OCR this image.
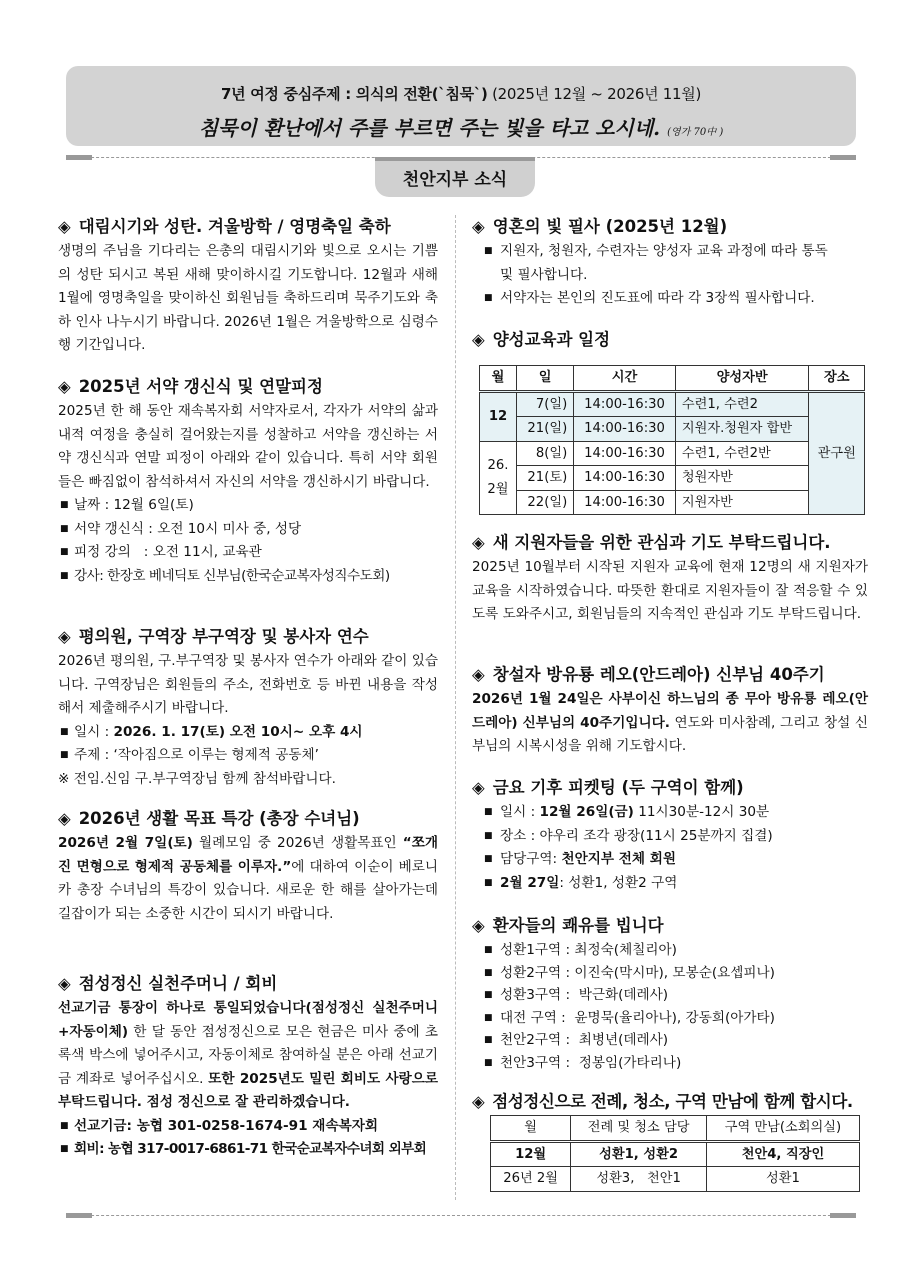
7년 여정 중심주제 : 의식의 전환(`침묵`) (2025년 12월 ~ 2026년 11월)
침묵이 환난에서 주를 부르면 주는 빛을 타고 오시네. (영가 70中 )
천안지부 소식
◈ 대림시기와 성탄. 겨울방학 / 영명축일 축하
생명의 주님을 기다리는 은총의 대림시기와 빛으로 오시는 기쁨의 성탄 되시고 복된 새해 맞이하시길 기도합니다. 12월과 새해 1월에 영명축일을 맞이하신 회원님들 축하드리며 묵주기도와 축하 인사 나누시기 바랍니다. 2026년 1월은 겨울방학으로 심령수행 기간입니다.
◈ 2025년 서약 갱신식 및 연말피정
2025년 한 해 동안 재속복자회 서약자로서, 각자가 서약의 삶과 내적 여정을 충실히 걸어왔는지를 성찰하고 서약을 갱신하는 서약 갱신식과 연말 피정이 아래와 같이 있습니다. 특히 서약 회원들은 빠짐없이 참석하셔서 자신의 서약을 갱신하시기 바랍니다.
■ 날짜 : 12월 6일(토)
■ 서약 갱신식 : 오전 10시 미사 중, 성당
■ 피정 강의   : 오전 11시, 교육관
■ 강사: 한장호 베네딕토 신부님(한국순교복자성직수도회)
◈ 평의원, 구역장 부구역장 및 봉사자 연수
2026년 평의원, 구.부구역장 및 봉사자 연수가 아래와 같이 있습니다. 구역장님은 회원들의 주소, 전화번호 등 바뀐 내용을 작성해서 제출해주시기 바랍니다.
■ 일시 : 2026. 1. 17(토) 오전 10시~ 오후 4시
■ 주제 : ‘작아짐으로 이루는 형제적 공동체’
※ 전임.신임 구.부구역장님 함께 참석바랍니다.
◈ 2026년 생활 목표 특강 (총장 수녀님)
2026년 2월 7일(토) 월례모임 중 2026년 생활목표인 “쪼개진 면형으로 형제적 공동체를 이루자.”에 대하여 이순이 베로니카 총장 수녀님의 특강이 있습니다. 새로운 한 해를 살아가는데 길잡이가 되는 소중한 시간이 되시기 바랍니다.
◈ 점성정신 실천주머니 / 회비
선교기금 통장이 하나로 통일되었습니다(점성정신 실천주머니+자동이체) 한 달 동안 점성정신으로 모은 현금은 미사 중에 초록색 박스에 넣어주시고, 자동이체로 참여하실 분은 아래 선교기금 계좌로 넣어주십시오. 또한 2025년도 밀린 회비도 사랑으로 부탁드립니다. 점성 정신으로 잘 관리하겠습니다.
■ 선교기금: 농협 301-0258-1674-91 재속복자회
■ 회비: 농협 317-0017-6861-71 한국순교복자수녀회 외부회
◈ 영혼의 빛 필사 (2025년 12월)
■ 지원자, 청원자, 수련자는 양성자 교육 과정에 따라 통독 및 필사합니다.
■ 서약자는 본인의 진도표에 따라 각 3장씩 필사합니다.
◈ 양성교육과 일정
월	일	시간	양성자반	장소
12	7(일)	14:00-16:30	수련1, 수련2	관구원
	21(일)	14:00-16:30	지원자.청원자 합반	
26. 2월	8(일)	14:00-16:30	수련1, 수련2반	
	21(토)	14:00-16:30	청원자반	
	22(일)	14:00-16:30	지원자반	
◈ 새 지원자들을 위한 관심과 기도 부탁드립니다.
2025년 10월부터 시작된 지원자 교육에 현재 12명의 새 지원자가 교육을 시작하였습니다. 따뜻한 환대로 지원자들이 잘 적응할 수 있도록 도와주시고, 회원님들의 지속적인 관심과 기도 부탁드립니다.
◈ 창설자 방유룡 레오(안드레아) 신부님 40주기
2026년 1월 24일은 사부이신 하느님의 종 무아 방유룡 레오(안드레아) 신부님의 40주기입니다. 연도와 미사참례, 그리고 창설 신부님의 시복시성을 위해 기도합시다.
◈ 금요 기후 피켓팅 (두 구역이 함께)
■ 일시 : 12월 26일(금) 11시30분-12시 30분
■ 장소 : 야우리 조각 광장(11시 25분까지 집결)
■ 담당구역: 천안지부 전체 회원
■ 2월 27일: 성환1, 성환2 구역
◈ 환자들의 쾌유를 빕니다
■ 성환1구역 : 최정숙(체칠리아)
■ 성환2구역 : 이진숙(막시마), 모봉순(요셉피나)
■ 성환3구역 :  박근화(데레사)
■ 대전 구역 :  윤명묵(율리아나), 강동희(아가타)
■ 천안2구역 :  최병년(데레사)
■ 천안3구역 :  정봉임(가타리나)
◈ 점성정신으로 전례, 청소, 구역 만남에 함께 합시다.
월	전례 및 청소 담당	구역 만남(소회의실)
12월	성환1, 성환2	천안4, 직장인
26년 2월	성환3,   천안1	성환1
